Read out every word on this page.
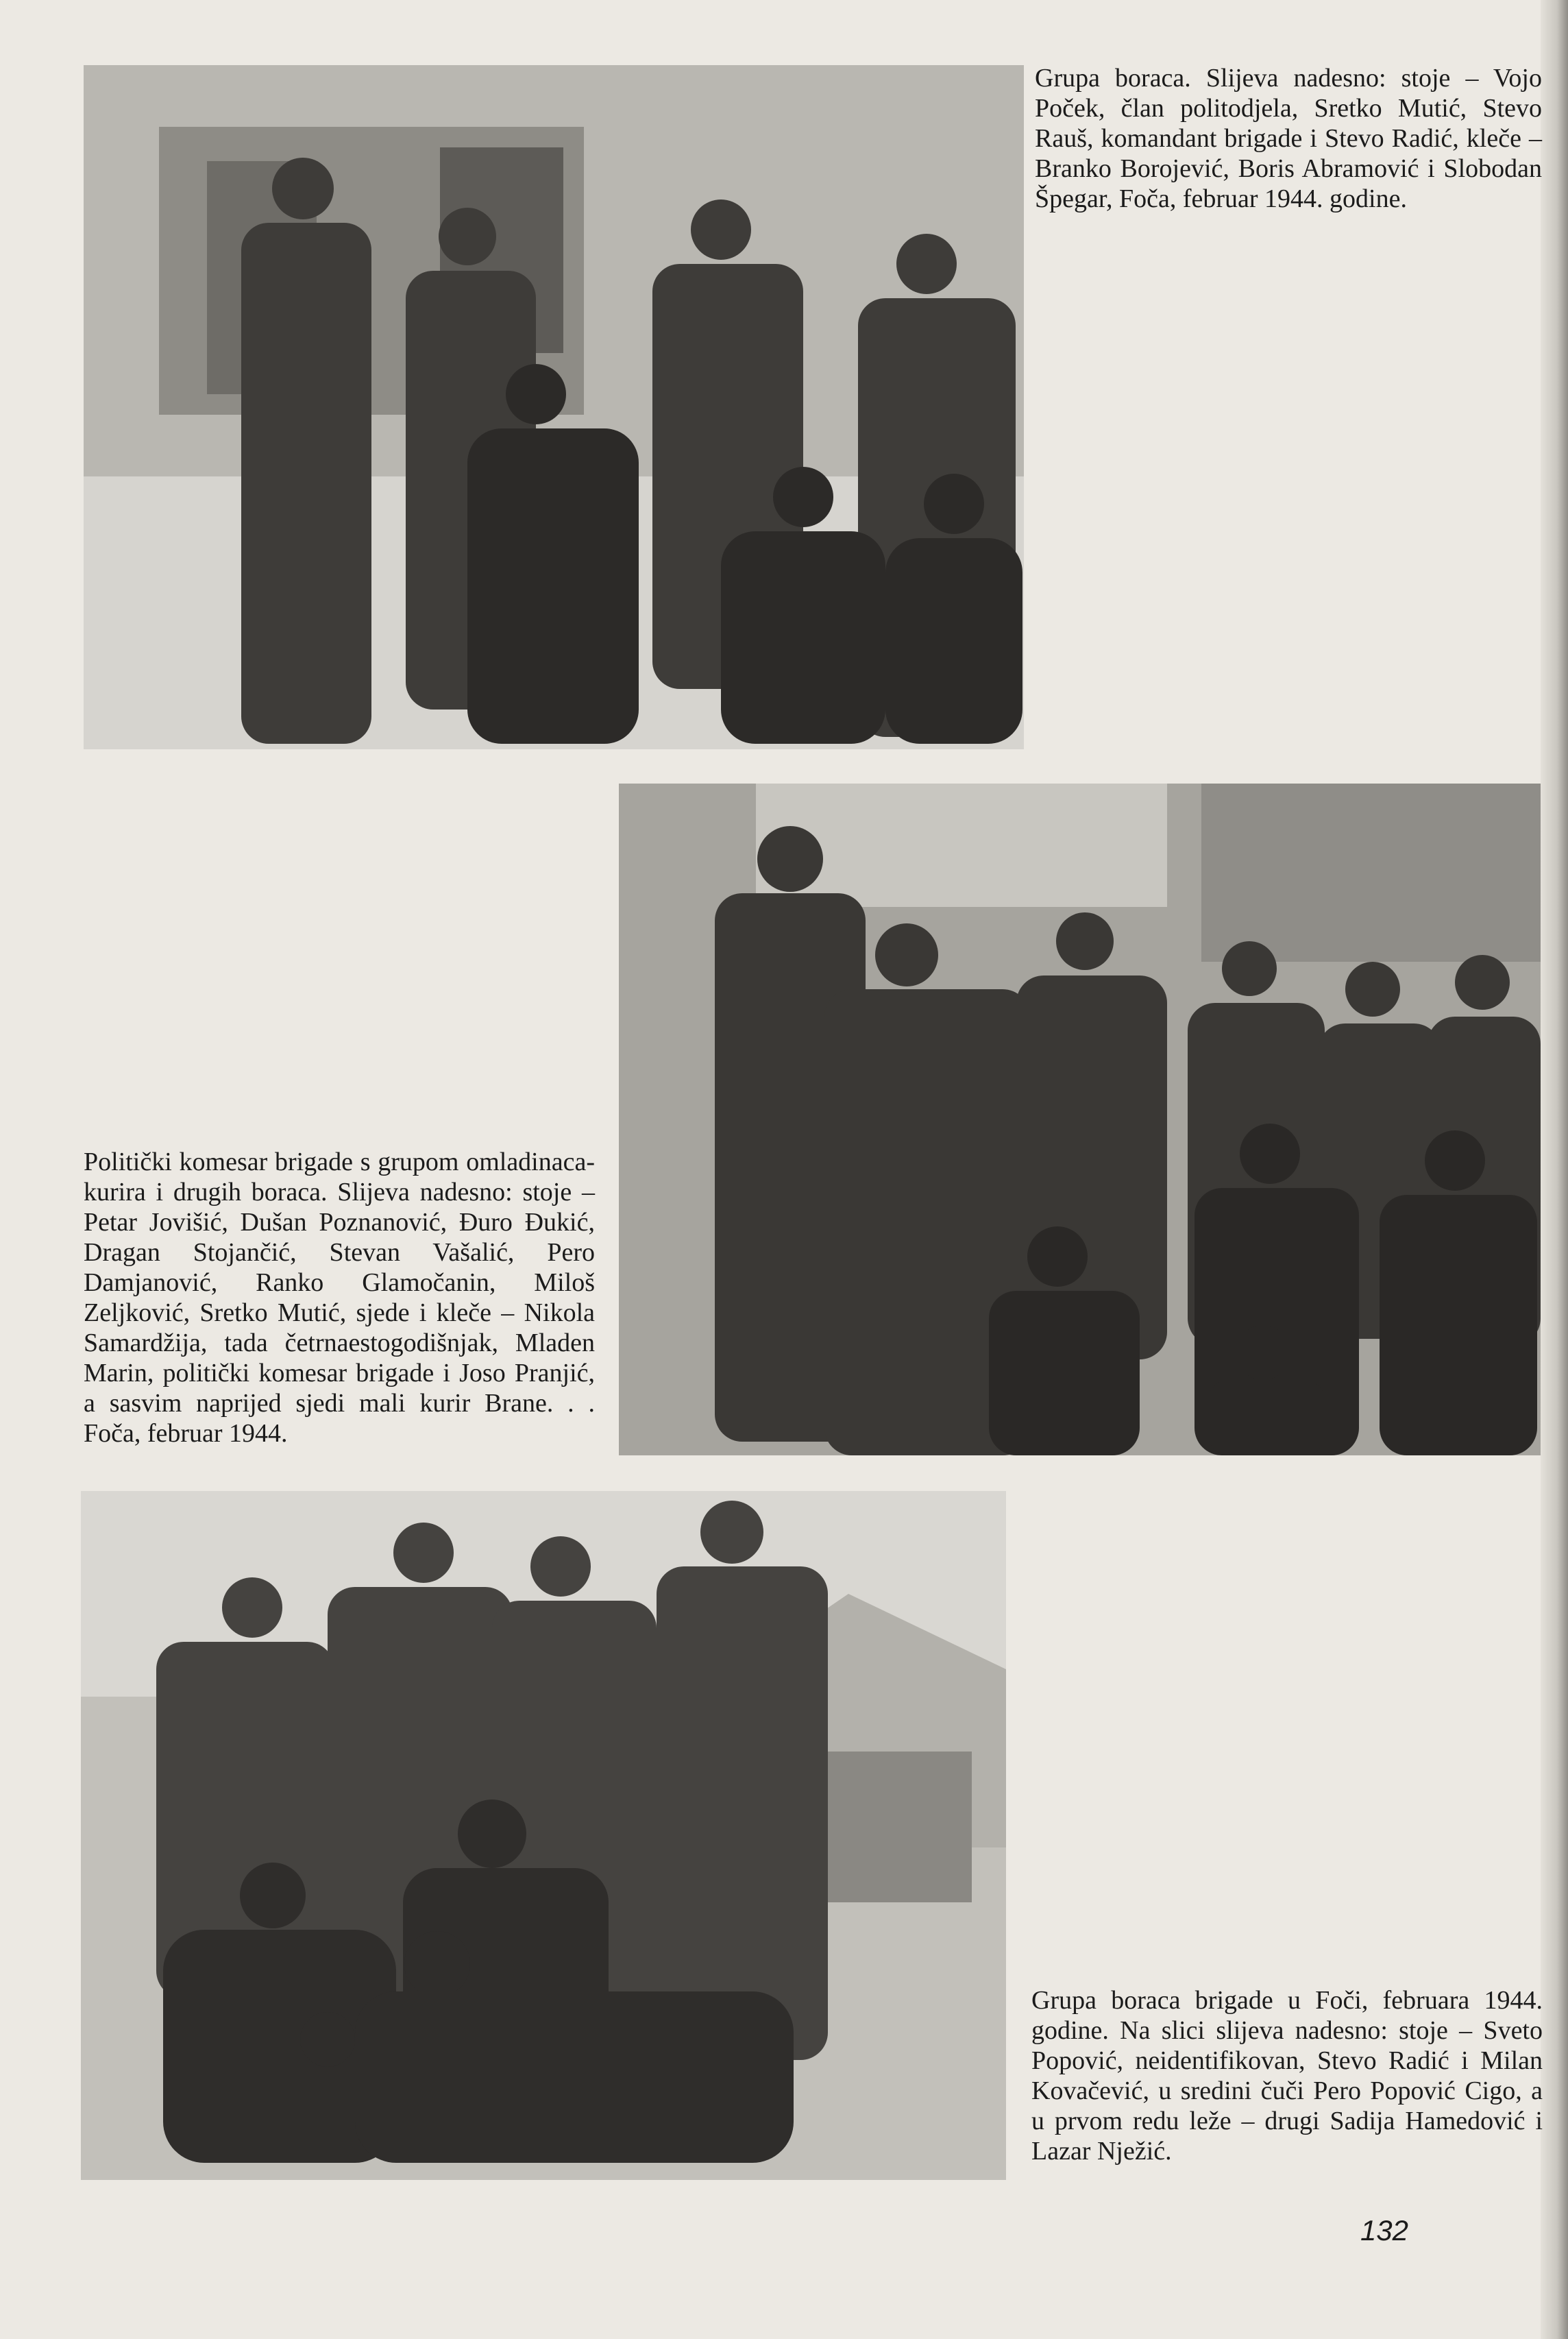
Grupa boraca. Slijeva nadesno: stoje – Vojo Poček, član politodjela, Sretko Mutić, Stevo Rauš, komandant brigade i Stevo Radić, kleče – Branko Borojević, Boris Abramović i Slobodan Špegar, Foča, februar 1944. godine.

Politički komesar brigade s grupom omladinaca-kurira i drugih boraca. Slijeva nadesno: stoje – Petar Jovišić, Dušan Poznanović, Đuro Đukić, Dragan Stojančić, Stevan Vašalić, Pero Damjanović, Ranko Glamočanin, Miloš Zeljković, Sretko Mutić, sjede i kleče – Nikola Samardžija, tada četrnaestogodišnjak, Mladen Marin, politički komesar brigade i Joso Pranjić, a sasvim naprijed sjedi mali kurir Brane. . . Foča, februar 1944.

Grupa boraca brigade u Foči, februara 1944. godine. Na slici slijeva nadesno: stoje – Sveto Popović, neidentifikovan, Stevo Radić i Milan Kovačević, u sredini čuči Pero Popović Cigo, a u prvom redu leže – drugi Sadija Hamedović i Lazar Nježić.

132
